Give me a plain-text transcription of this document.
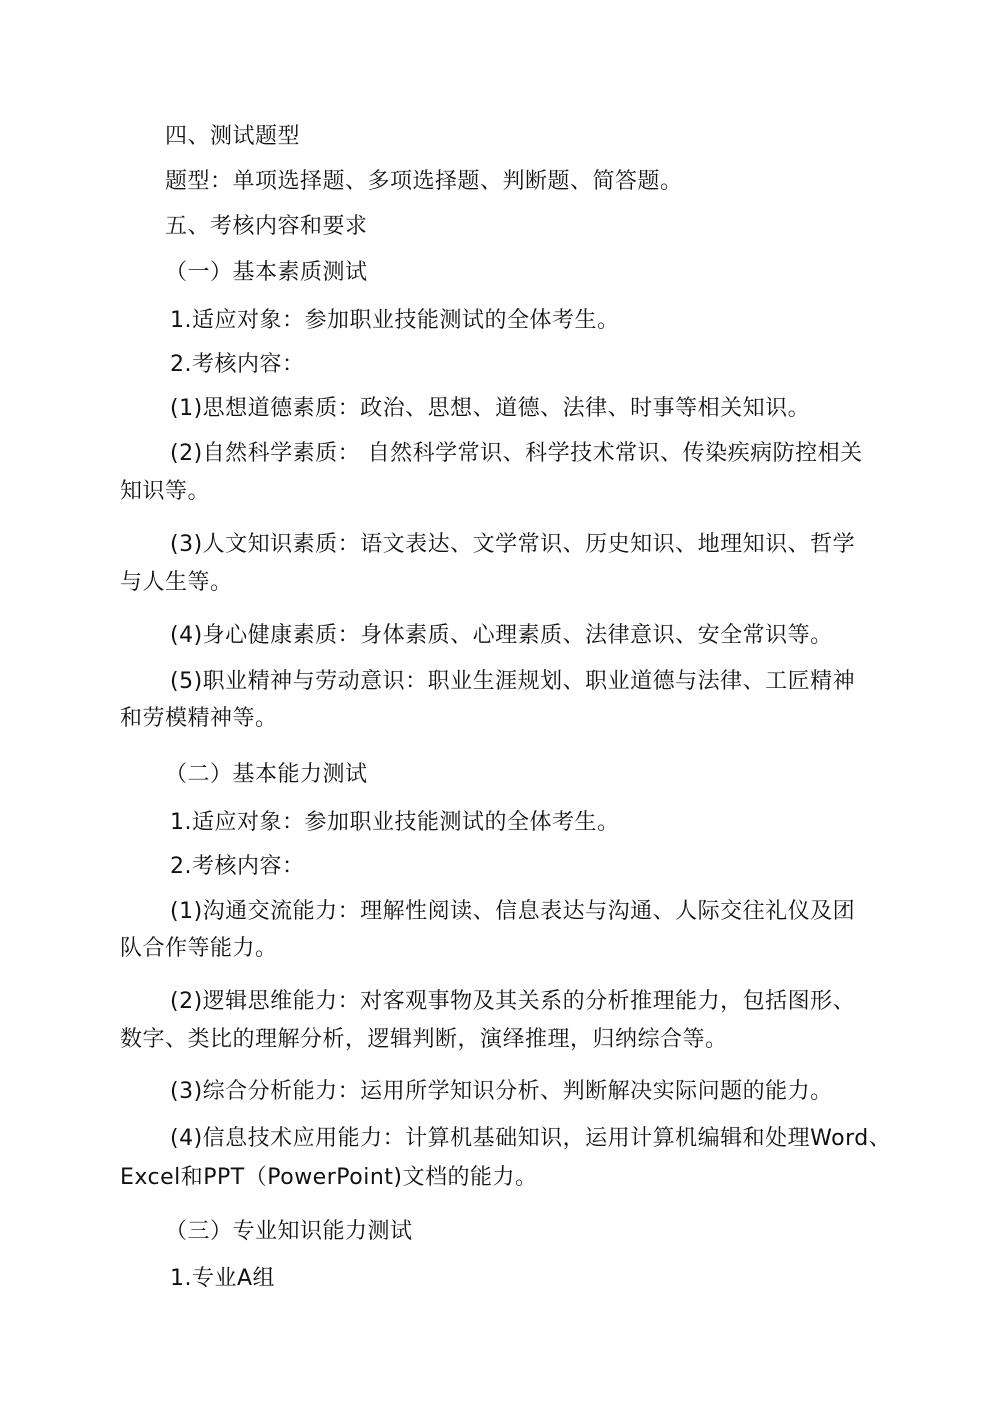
四、测试题型
题型：单项选择题、多项选择题、判断题、简答题。
五、考核内容和要求
（一）基本素质测试
1.适应对象：参加职业技能测试的全体考生。
2.考核内容：
(1)思想道德素质：政治、思想、道德、法律、时事等相关知识。
(2)自然科学素质： 自然科学常识、科学技术常识、传染疾病防控相关
知识等。
(3)人文知识素质：语文表达、文学常识、历史知识、地理知识、哲学
与人生等。
(4)身心健康素质：身体素质、心理素质、法律意识、安全常识等。
(5)职业精神与劳动意识：职业生涯规划、职业道德与法律、工匠精神
和劳模精神等。
（二）基本能力测试
1.适应对象：参加职业技能测试的全体考生。
2.考核内容：
(1)沟通交流能力：理解性阅读、信息表达与沟通、人际交往礼仪及团
队合作等能力。
(2)逻辑思维能力：对客观事物及其关系的分析推理能力，包括图形、
数字、类比的理解分析，逻辑判断，演绎推理，归纳综合等。
(3)综合分析能力：运用所学知识分析、判断解决实际问题的能力。
(4)信息技术应用能力：计算机基础知识，运用计算机编辑和处理Word、
Excel和PPT（PowerPoint)文档的能力。
（三）专业知识能力测试
1.专业A组
